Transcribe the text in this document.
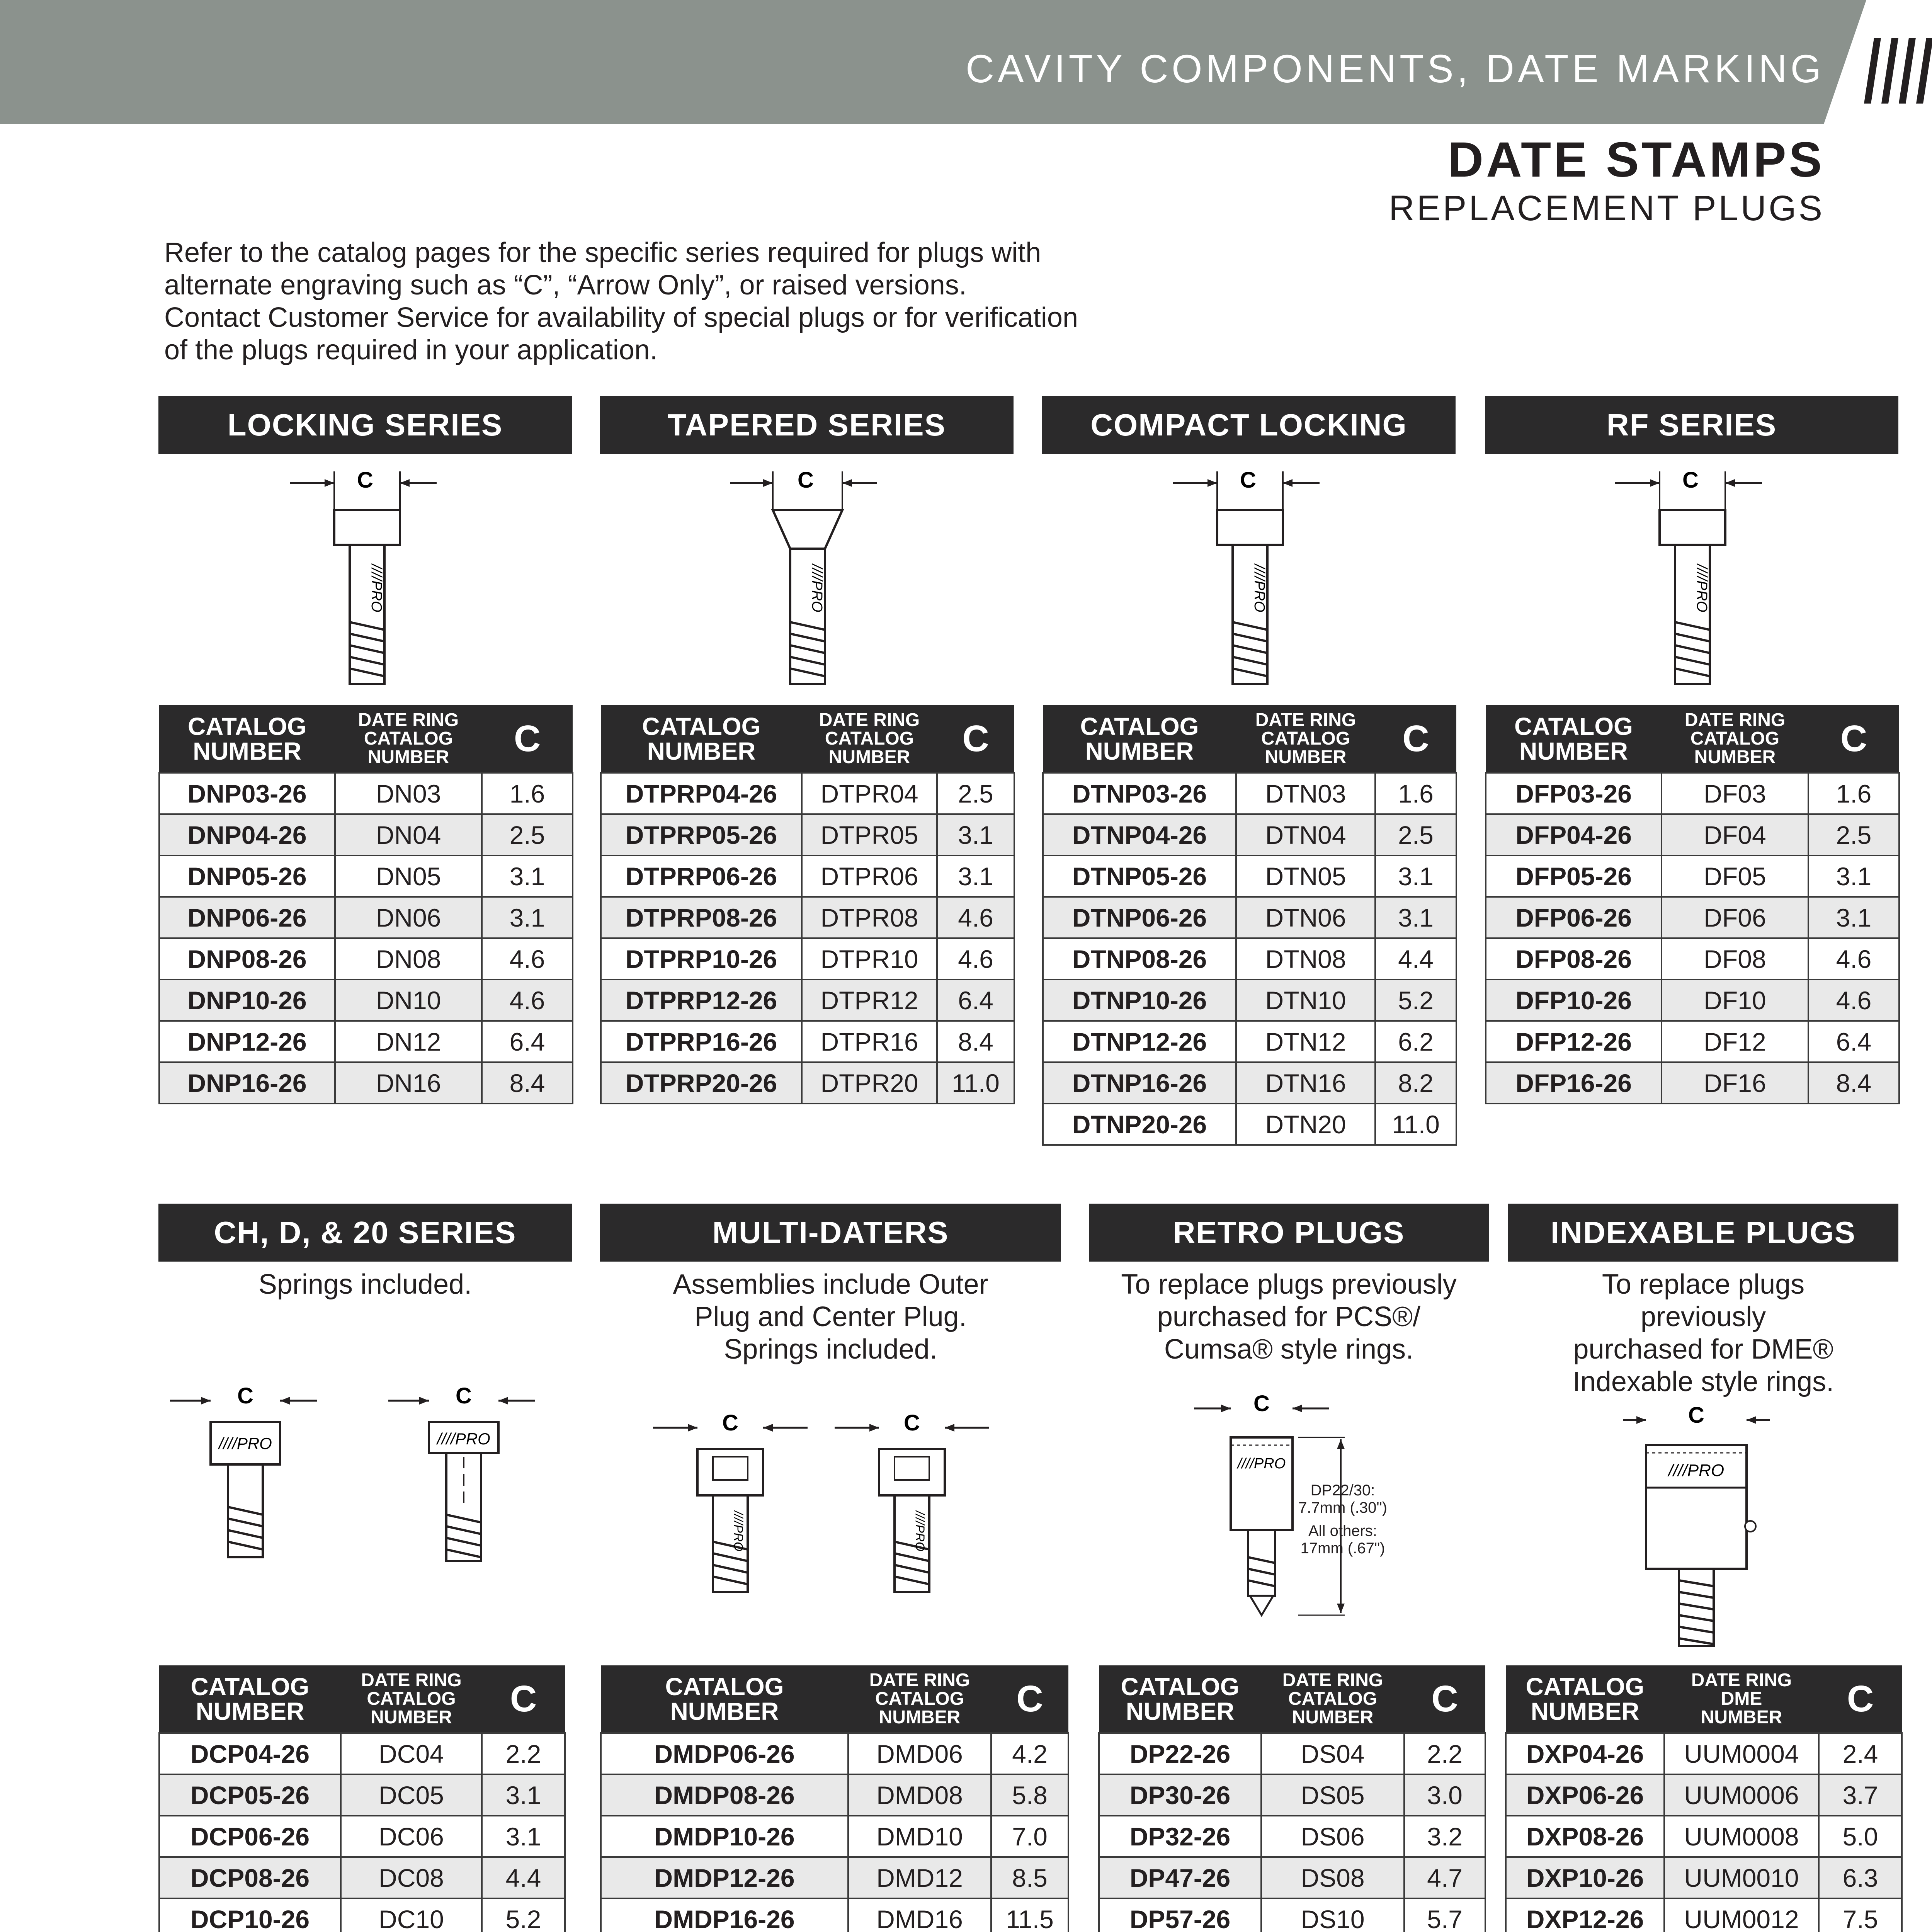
CAVITY COMPONENTS, DATE MARKING
DATE STAMPS
REPLACEMENT PLUGS

Refer to the catalog pages for the specific series required for plugs with

alternate engraving such as “C”, “Arrow Only”, or raised versions.

Contact Customer Service for availability of special plugs or for verification

of the plugs required in your application.

LOCKING SERIES	TAPERED SERIES	COMPACT LOCKING	RF SERIES
C
////PRO
C
////PRO
C
////PRO
C
////PRO
CATALOG
NUMBER	DATE RING
CATALOG
NUMBER	C
DNP03-26	DN03	1.6
DNP04-26	DN04	2.5
DNP05-26	DN05	3.1
DNP06-26	DN06	3.1
DNP08-26	DN08	4.6
DNP10-26	DN10	4.6
DNP12-26	DN12	6.4
DNP16-26	DN16	8.4
CATALOG
NUMBER	DATE RING
CATALOG
NUMBER	C
DTPRP04-26	DTPR04	2.5
DTPRP05-26	DTPR05	3.1
DTPRP06-26	DTPR06	3.1
DTPRP08-26	DTPR08	4.6
DTPRP10-26	DTPR10	4.6
DTPRP12-26	DTPR12	6.4
DTPRP16-26	DTPR16	8.4
DTPRP20-26	DTPR20	11.0
CATALOG
NUMBER	DATE RING
CATALOG
NUMBER	C
DTNP03-26	DTN03	1.6
DTNP04-26	DTN04	2.5
DTNP05-26	DTN05	3.1
DTNP06-26	DTN06	3.1
DTNP08-26	DTN08	4.4
DTNP10-26	DTN10	5.2
DTNP12-26	DTN12	6.2
DTNP16-26	DTN16	8.2
DTNP20-26	DTN20	11.0
CATALOG
NUMBER	DATE RING
CATALOG
NUMBER	C
DFP03-26	DF03	1.6
DFP04-26	DF04	2.5
DFP05-26	DF05	3.1
DFP06-26	DF06	3.1
DFP08-26	DF08	4.6
DFP10-26	DF10	4.6
DFP12-26	DF12	6.4
DFP16-26	DF16	8.4
CH, D, & 20 SERIES	MULTI-DATERS	RETRO PLUGS	INDEXABLE PLUGS
Springs included.	Assemblies include Outer
Plug and Center Plug.
Springs included.
To replace plugs previously
purchased for PCS®/
Cumsa® style rings.
To replace plugs
previously
purchased for DME®
Indexable style rings.
C
////PRO
C
////PRO
C
////PRO
C
////PRO
C
////PRO
DP22/30:
7.7mm (.30")
All others:
17mm (.67")
C
////PRO
CATALOG
NUMBER	DATE RING
CATALOG
NUMBER	C
DCP04-26	DC04	2.2
DCP05-26	DC05	3.1
DCP06-26	DC06	3.1
DCP08-26	DC08	4.4
DCP10-26	DC10	5.2

CATALOG
NUMBER	DATE RING
CATALOG
NUMBER	C
DMDP06-26	DMD06	4.2
DMDP08-26	DMD08	5.8
DMDP10-26	DMD10	7.0
DMDP12-26	DMD12	8.5
DMDP16-26	DMD16	11.5

CATALOG
NUMBER	DATE RING
CATALOG
NUMBER	C
DP22-26	DS04	2.2
DP30-26	DS05	3.0
DP32-26	DS06	3.2
DP47-26	DS08	4.7
DP57-26	DS10	5.7

CATALOG
NUMBER	DATE RING
DME
NUMBER	C
DXP04-26	UUM0004	2.4
DXP06-26	UUM0006	3.7
DXP08-26	UUM0008	5.0
DXP10-26	UUM0010	6.3
DXP12-26	UUM0012	7.5
